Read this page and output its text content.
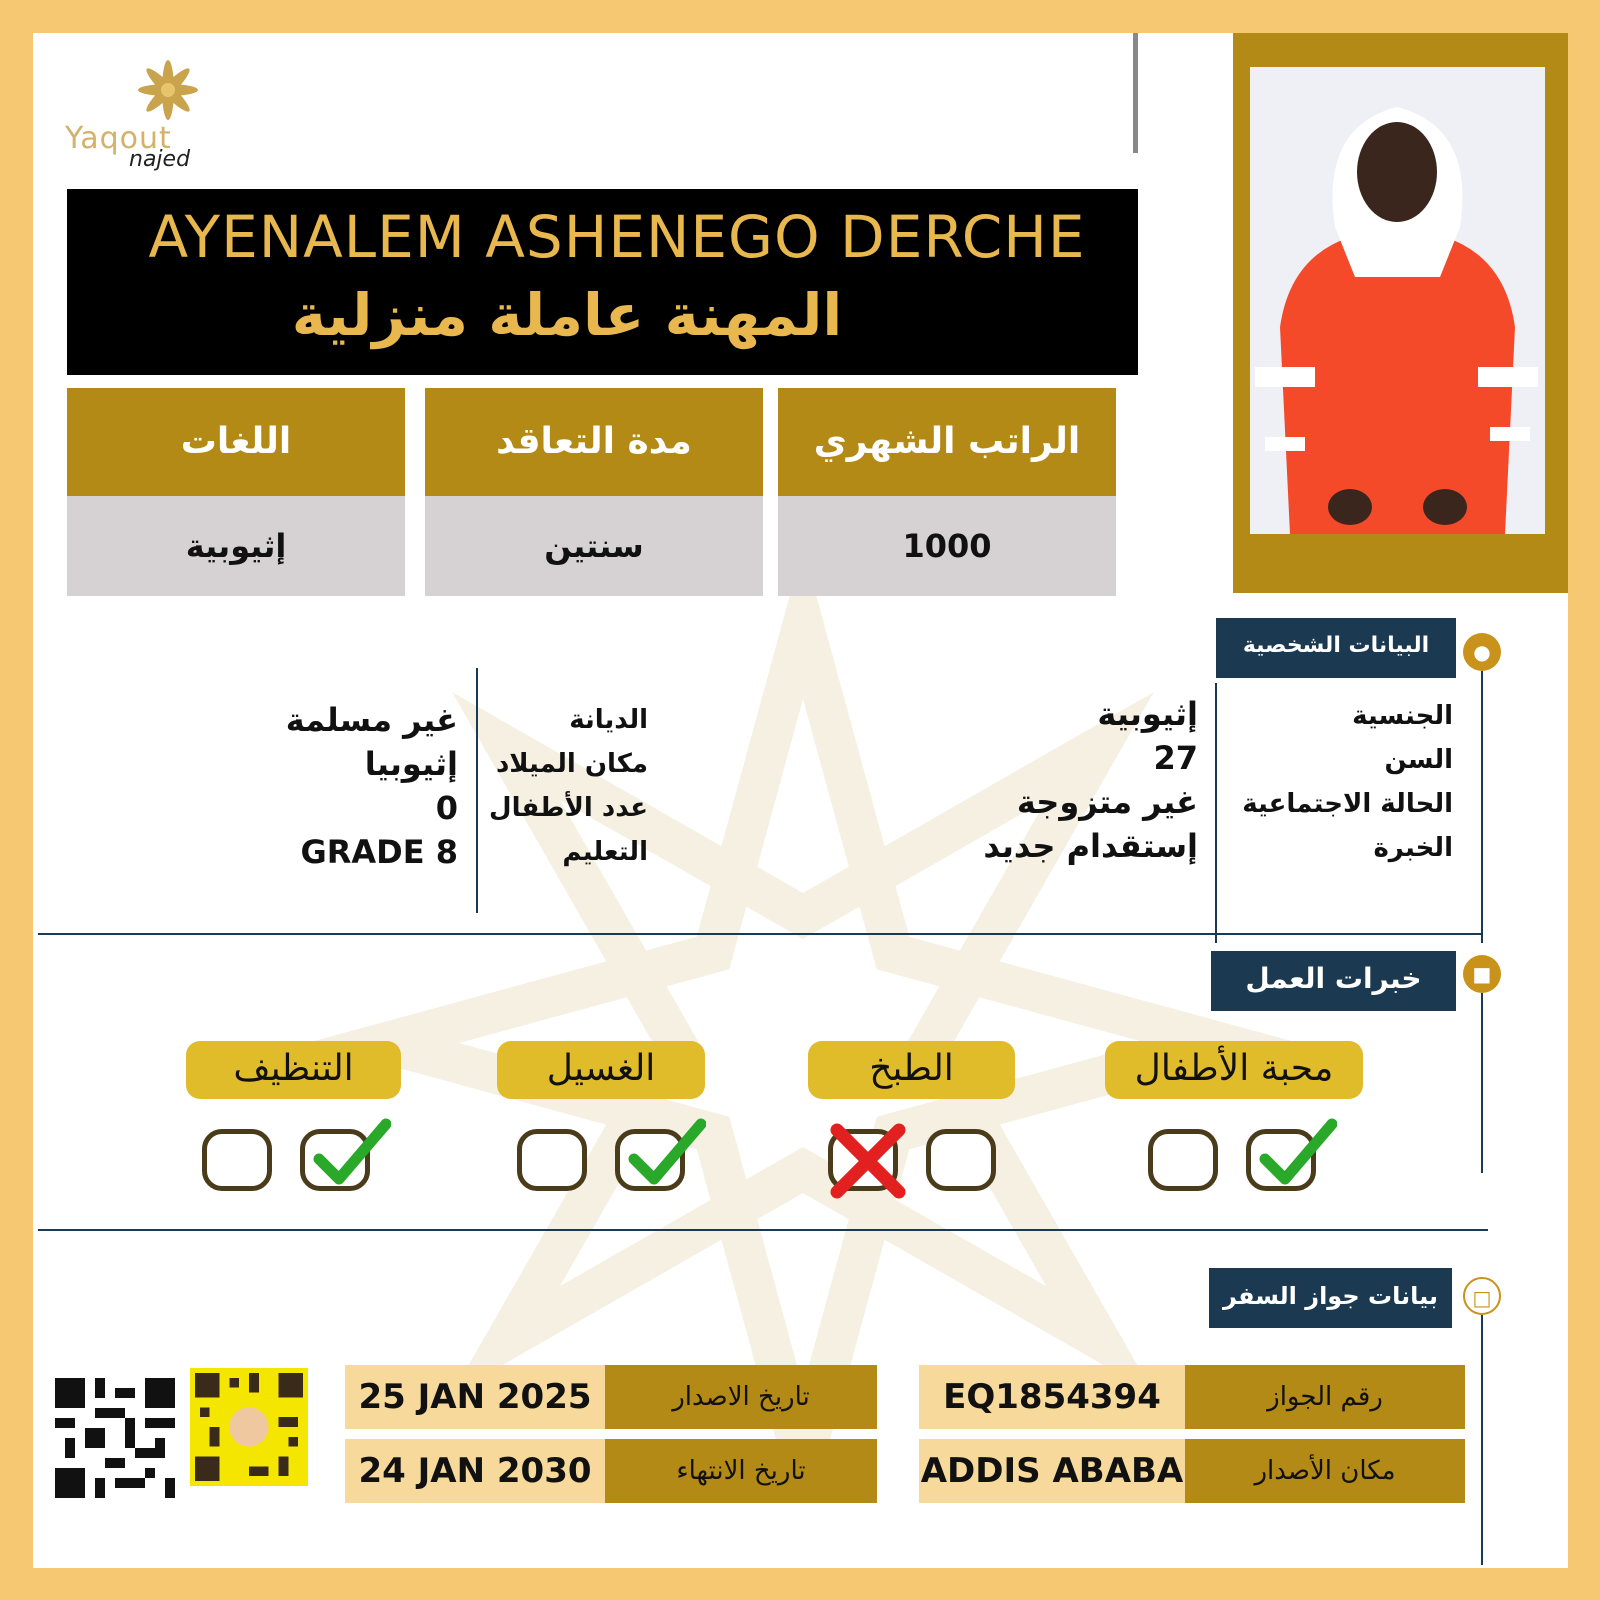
Yaqout
najed
AYENALEM ASHENEGO DERCHE
المهنة عاملة منزلية
الراتب الشهري
1000
مدة التعاقد
سنتين
اللغات
إثيوبية
●
البيانات الشخصية
الجنسية
السن
الحالة الاجتماعية
الخبرة
إثيوبية
27
غير متزوجة
إستقدام جديد
الديانة
مكان الميلاد
عدد الأطفال
التعليم
غير مسلمة
إثيوبيا
0
GRADE 8
■
خبرات العمل
محبة الأطفال
الطبخ
الغسيل
التنظيف
□
بيانات جواز السفر
رقم الجواز
EQ1854394
مكان الأصدار
ADDIS ABABA
تاريخ الاصدار
25 JAN 2025
تاريخ الانتهاء
24 JAN 2030
